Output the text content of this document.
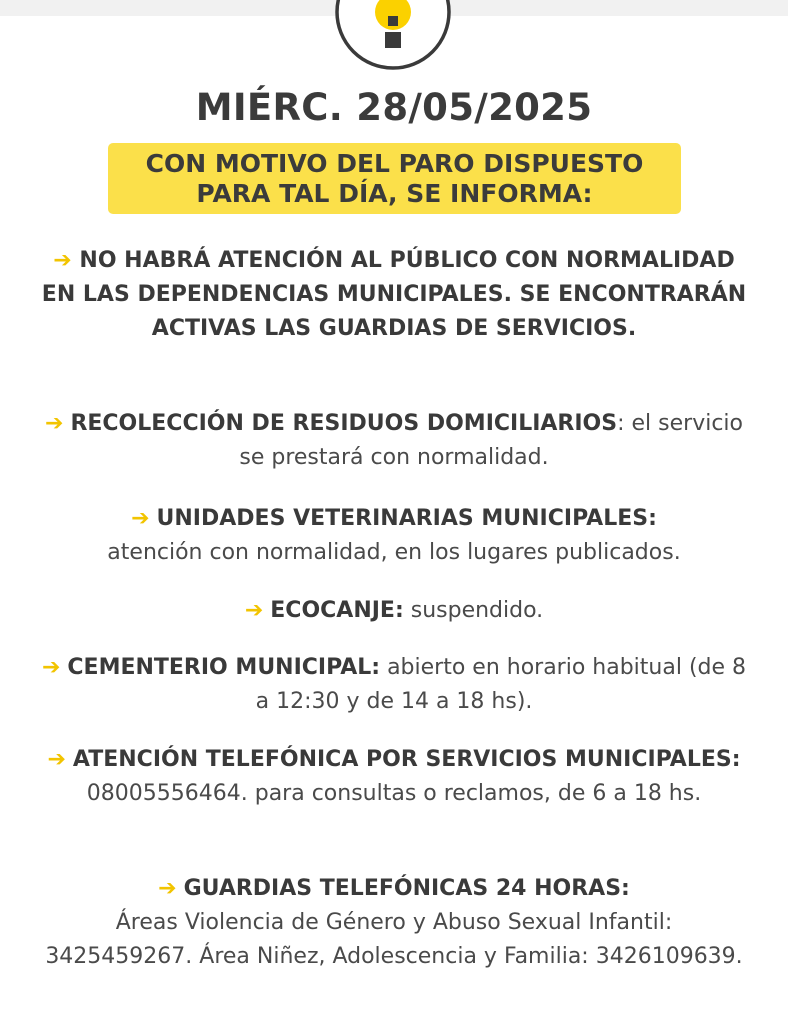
MIÉRC. 28/05/2025
CON MOTIVO DEL PARO DISPUESTO
PARA TAL DÍA, SE INFORMA:
➔ NO HABRÁ ATENCIÓN AL PÚBLICO CON NORMALIDAD EN LAS DEPENDENCIAS MUNICIPALES. SE ENCONTRARÁN ACTIVAS LAS GUARDIAS DE SERVICIOS.
➔ RECOLECCIÓN DE RESIDUOS DOMICILIARIOS: el servicio se prestará con normalidad.
➔ UNIDADES VETERINARIAS MUNICIPALES:
atención con normalidad, en los lugares publicados.
➔ ECOCANJE: suspendido.
➔ CEMENTERIO MUNICIPAL: abierto en horario habitual (de 8 a 12:30 y de 14 a 18 hs).
➔ ATENCIÓN TELEFÓNICA POR SERVICIOS MUNICIPALES: 08005556464. para consultas o reclamos, de 6 a 18 hs.
➔ GUARDIAS TELEFÓNICAS 24 HORAS:
Áreas Violencia de Género y Abuso Sexual Infantil: 3425459267. Área Niñez, Adolescencia y Familia: 3426109639.
